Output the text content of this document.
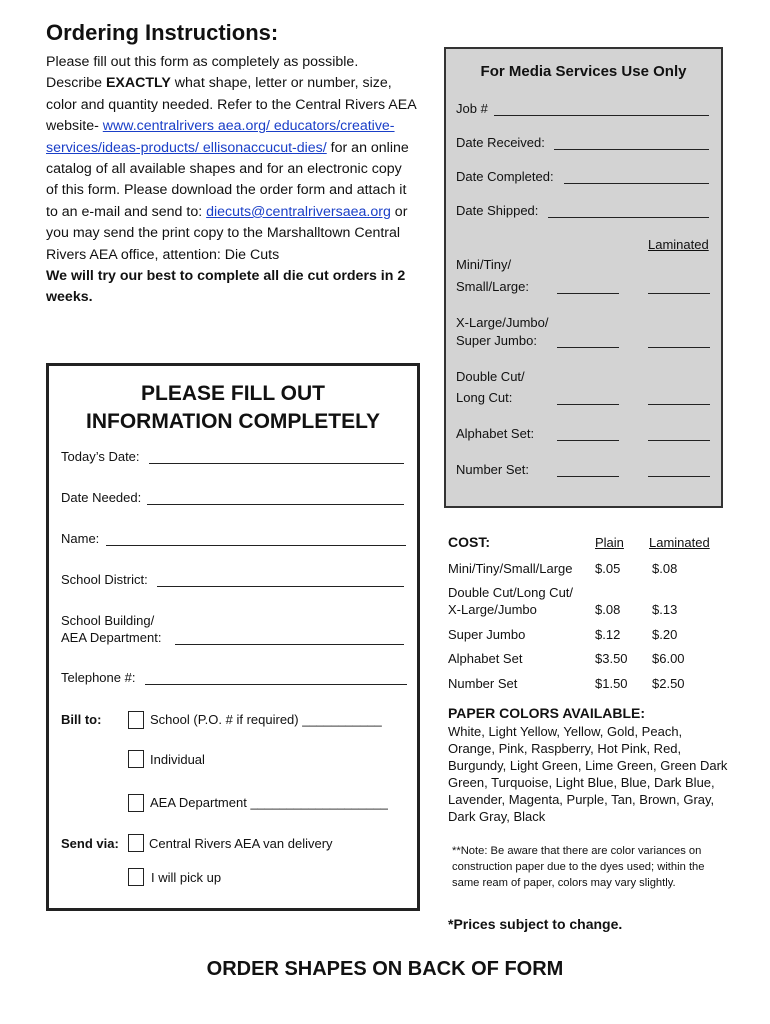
Ordering Instructions:
Please fill out this form as completely as possible. Describe EXACTLY what shape, letter or number, size, color and quantity needed. Refer to the Central Rivers AEA website- www.centralrivers aea.org/ educators/creative-services/ideas-products/ ellisonaccucut-dies/ for an online catalog of all available shapes and for an electronic copy of this form. Please download the order form and attach it to an e-mail and send to: diecuts@centralriversaea.org or you may send the print copy to the Marshalltown Central Rivers AEA office, attention: Die Cuts
We will try our best to complete all die cut orders in 2 weeks.
For Media Services Use Only
Job #
Date Received:
Date Completed:
Date Shipped:
Laminated
Mini/Tiny/
Small/Large:
X-Large/Jumbo/
Super Jumbo:
Double Cut/
Long Cut:
Alphabet Set:
Number Set:
PLEASE FILL OUT
INFORMATION COMPLETELY
Today’s Date:
Date Needed:
Name:
School District:
School Building/
AEA Department:
Telephone #:
Bill to:	School (P.O. # if required) ___________
Individual
AEA Department ___________________
Send via: Central Rivers AEA van delivery
I will pick up
COST:	Plain Laminated
Mini/Tiny/Small/Large $.05 $.08
Double Cut/Long Cut/
X-Large/Jumbo	$.08 $.13
Super Jumbo	$.12 $.20
Alphabet Set	$3.50 $6.00
Number Set	$1.50 $2.50
PAPER COLORS AVAILABLE:
White, Light Yellow, Yellow, Gold, Peach, Orange, Pink, Raspberry, Hot Pink, Red, Burgundy, Light Green, Lime Green, Green Dark Green, Turquoise, Light Blue, Blue, Dark Blue, Lavender, Magenta, Purple, Tan, Brown, Gray, Dark Gray, Black
**Note: Be aware that there are color variances on construction paper due to the dyes used; within the same ream of paper, colors may vary slightly.
*Prices subject to change.
ORDER SHAPES ON BACK OF FORM
